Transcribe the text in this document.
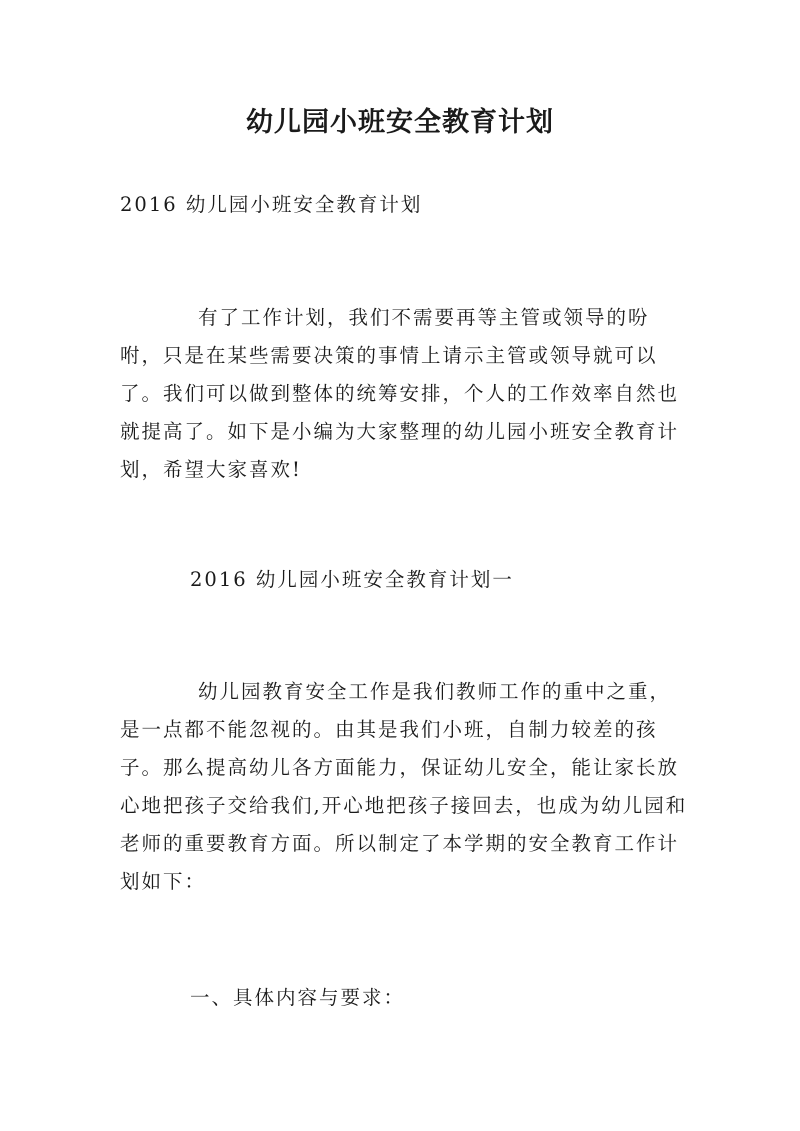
幼儿园小班安全教育计划
2016 幼儿园小班安全教育计划
有了工作计划，我们不需要再等主管或领导的吩咐，只是在某些需要决策的事情上请示主管或领导就可以了。我们可以做到整体的统筹安排，个人的工作效率自然也就提高了。如下是小编为大家整理的幼儿园小班安全教育计划，希望大家喜欢!
2016 幼儿园小班安全教育计划一
幼儿园教育安全工作是我们教师工作的重中之重，是一点都不能忽视的。由其是我们小班，自制力较差的孩子。那么提高幼儿各方面能力，保证幼儿安全，能让家长放心地把孩子交给我们,开心地把孩子接回去，也成为幼儿园和老师的重要教育方面。所以制定了本学期的安全教育工作计划如下：
一、具体内容与要求：
